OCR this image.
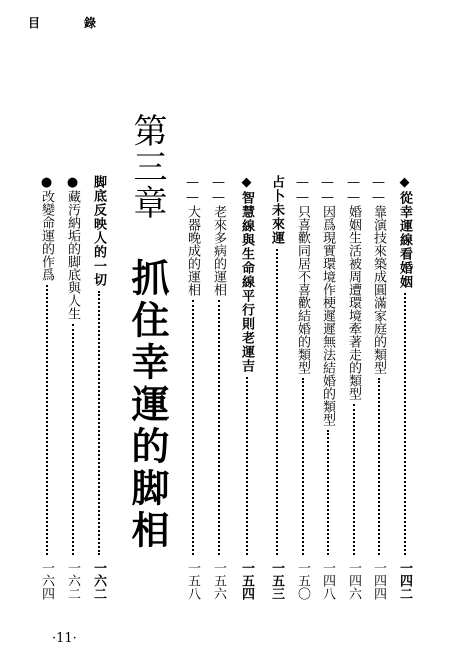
目	錄
◆從幸運線看婚姻
一四二
——靠演技來築成圓滿家庭的類型
一四四
——婚姻生活被周遭環境牽著走的類型
一四六
——因爲現實環境作梗遲遲無法結婚的類型
一四八
——只喜歡同居不喜歡結婚的類型
一五〇
占卜未來運
一五三
◆智慧線與生命線平行則老運吉
一五四
——老來多病的運相
一五六
——大器晚成的運相
一五八
第三章 抓住幸運的脚相
脚底反映人的一切
一六二
●藏汚納垢的脚底與人生
一六二
●改變命運的作爲
一六四
·11·
